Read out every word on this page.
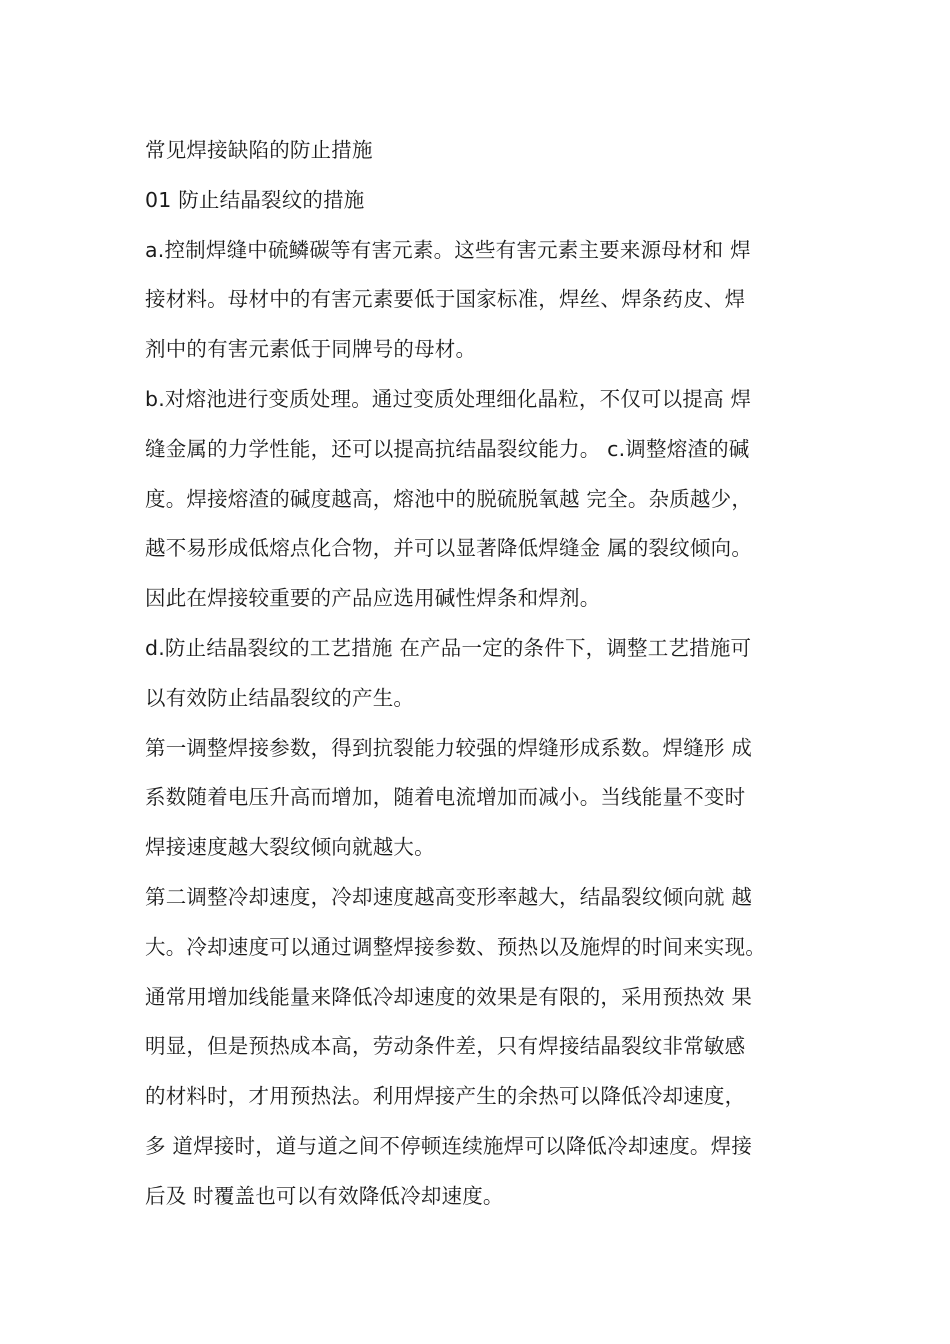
常见焊接缺陷的防止措施
01 防止结晶裂纹的措施
a.控制焊缝中硫鳞碳等有害元素。这些有害元素主要来源母材和 焊
接材料。母材中的有害元素要低于国家标准，焊丝、焊条药皮、焊
剂中的有害元素低于同牌号的母材。
b.对熔池进行变质处理。通过变质处理细化晶粒，不仅可以提高 焊
缝金属的力学性能，还可以提高抗结晶裂纹能力。 c.调整熔渣的碱
度。焊接熔渣的碱度越高，熔池中的脱硫脱氧越 完全。杂质越少，
越不易形成低熔点化合物，并可以显著降低焊缝金 属的裂纹倾向。
因此在焊接较重要的产品应选用碱性焊条和焊剂。
d.防止结晶裂纹的工艺措施 在产品一定的条件下，调整工艺措施可
以有效防止结晶裂纹的产生。
第一调整焊接参数，得到抗裂能力较强的焊缝形成系数。焊缝形 成
系数随着电压升高而增加，随着电流增加而减小。当线能量不变时
焊接速度越大裂纹倾向就越大。
第二调整冷却速度，冷却速度越高变形率越大，结晶裂纹倾向就 越
大。冷却速度可以通过调整焊接参数、预热以及施焊的时间来实现。
通常用增加线能量来降低冷却速度的效果是有限的，采用预热效 果
明显，但是预热成本高，劳动条件差，只有焊接结晶裂纹非常敏感
的材料时，才用预热法。利用焊接产生的余热可以降低冷却速度，
多 道焊接时，道与道之间不停顿连续施焊可以降低冷却速度。焊接
后及 时覆盖也可以有效降低冷却速度。
